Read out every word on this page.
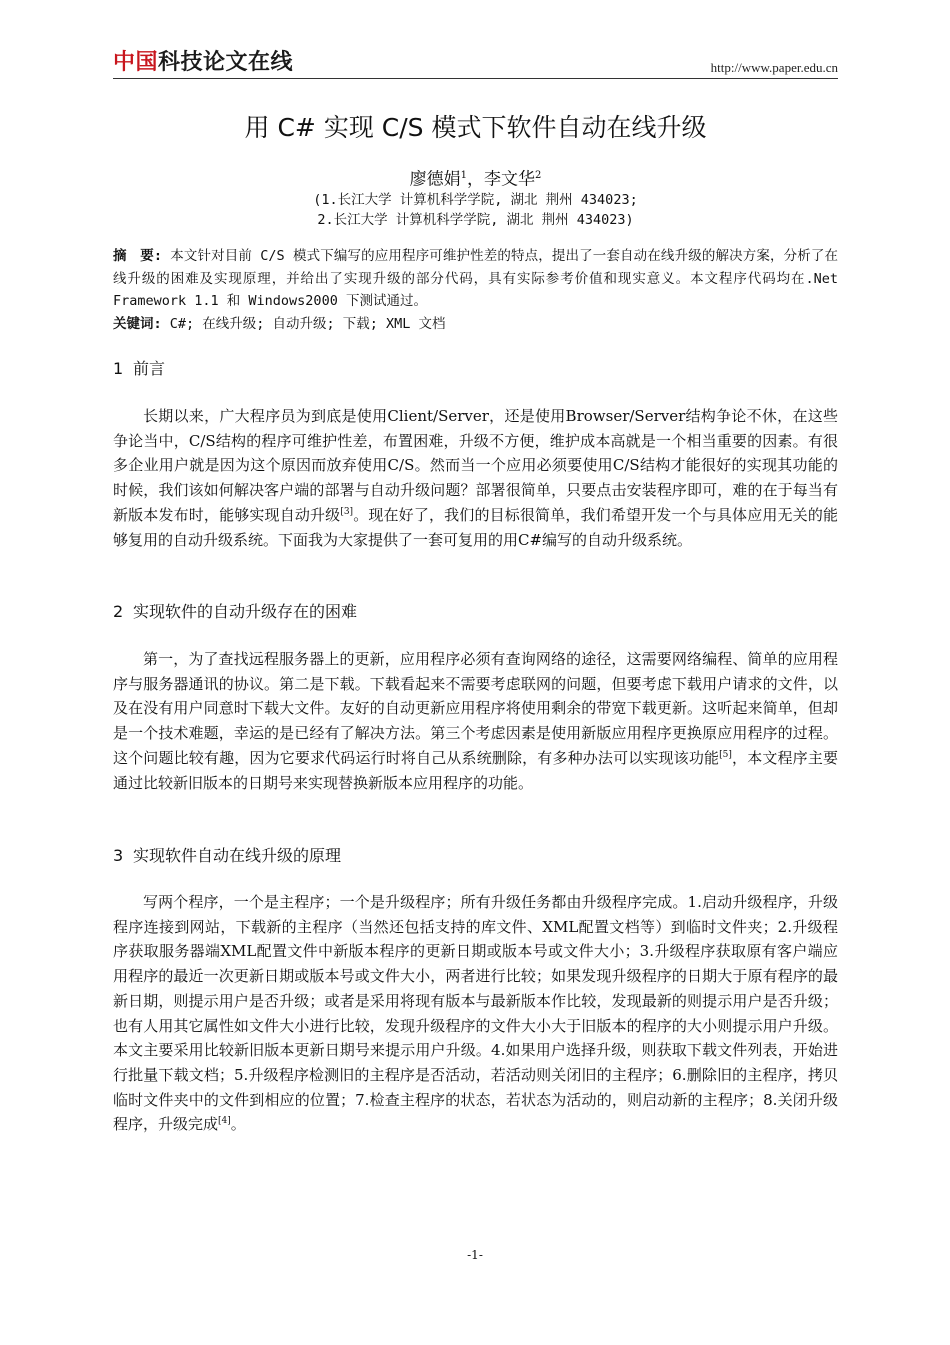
中国科技论文在线	http://www.paper.edu.cn
用 C# 实现 C/S 模式下软件自动在线升级
廖德娟$^1$，李文华$^2$
(1.长江大学 计算机科学学院, 湖北 荆州 434023;
2.长江大学 计算机科学学院, 湖北 荆州 434023)
摘　要: 本文针对目前 C/S 模式下编写的应用程序可维护性差的特点，提出了一套自动在线升级的解决方案，分析了在线升级的困难及实现原理，并给出了实现升级的部分代码，具有实际参考价值和现实意义。本文程序代码均在.Net Framework 1.1 和 Windows2000 下测试通过。
关键词: C#; 在线升级; 自动升级; 下载; XML 文档
1 前言
长期以来，广大程序员为到底是使用Client/Server，还是使用Browser/Server结构争论不休，在这些争论当中，C/S结构的程序可维护性差，布置困难，升级不方便，维护成本高就是一个相当重要的因素。有很多企业用户就是因为这个原因而放弃使用C/S。然而当一个应用必须要使用C/S结构才能很好的实现其功能的时候，我们该如何解决客户端的部署与自动升级问题？部署很简单，只要点击安装程序即可，难的在于每当有新版本发布时，能够实现自动升级[3]。现在好了，我们的目标很简单，我们希望开发一个与具体应用无关的能够复用的自动升级系统。下面我为大家提供了一套可复用的用C#编写的自动升级系统。
2 实现软件的自动升级存在的困难
第一，为了查找远程服务器上的更新，应用程序必须有查询网络的途径，这需要网络编程、简单的应用程序与服务器通讯的协议。第二是下载。下载看起来不需要考虑联网的问题，但要考虑下载用户请求的文件，以及在没有用户同意时下载大文件。友好的自动更新应用程序将使用剩余的带宽下载更新。这听起来简单，但却是一个技术难题，幸运的是已经有了解决方法。第三个考虑因素是使用新版应用程序更换原应用程序的过程。这个问题比较有趣，因为它要求代码运行时将自己从系统删除，有多种办法可以实现该功能[5]，本文程序主要通过比较新旧版本的日期号来实现替换新版本应用程序的功能。
3 实现软件自动在线升级的原理
写两个程序，一个是主程序；一个是升级程序；所有升级任务都由升级程序完成。1.启动升级程序，升级程序连接到网站，下载新的主程序（当然还包括支持的库文件、XML配置文档等）到临时文件夹；2.升级程序获取服务器端XML配置文件中新版本程序的更新日期或版本号或文件大小；3.升级程序获取原有客户端应用程序的最近一次更新日期或版本号或文件大小，两者进行比较；如果发现升级程序的日期大于原有程序的最新日期，则提示用户是否升级；或者是采用将现有版本与最新版本作比较，发现最新的则提示用户是否升级；也有人用其它属性如文件大小进行比较，发现升级程序的文件大小大于旧版本的程序的大小则提示用户升级。本文主要采用比较新旧版本更新日期号来提示用户升级。4.如果用户选择升级，则获取下载文件列表，开始进行批量下载文档；5.升级程序检测旧的主程序是否活动，若活动则关闭旧的主程序；6.删除旧的主程序，拷贝临时文件夹中的文件到相应的位置；7.检查主程序的状态，若状态为活动的，则启动新的主程序；8.关闭升级程序，升级完成[4]。
-1-
